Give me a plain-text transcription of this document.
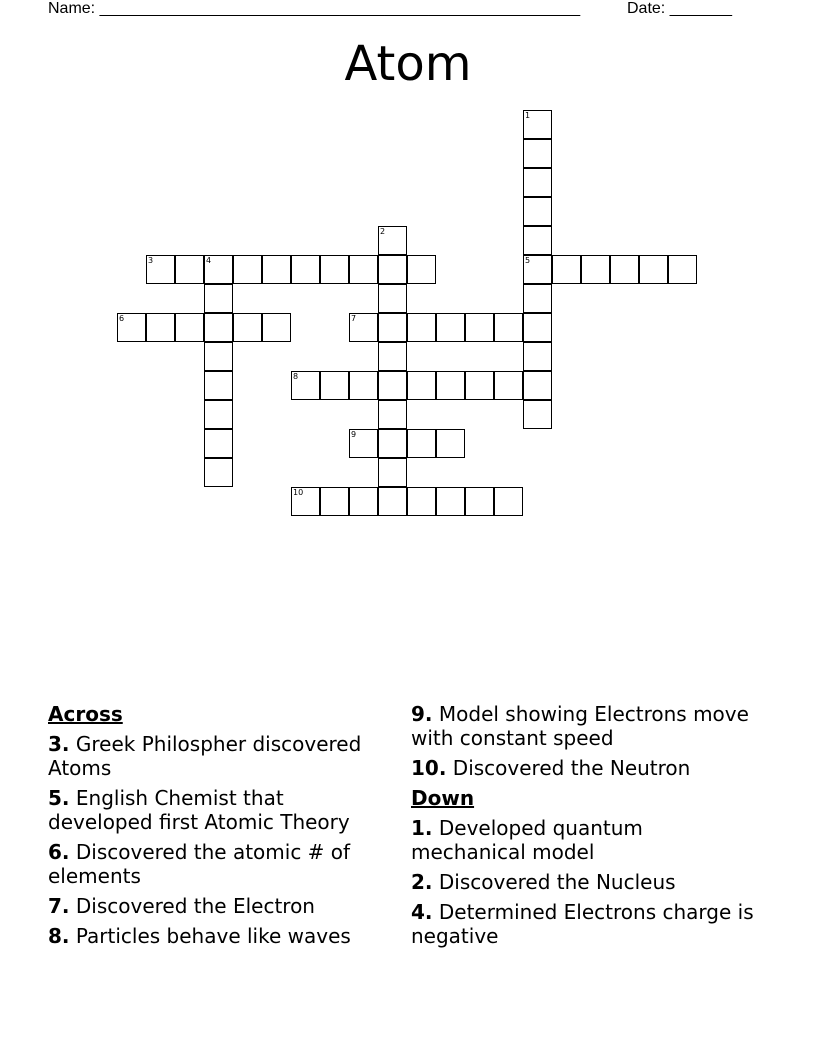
Name: ______________________________________________________	Date: _______
Atom
1
2
3	4	5
6	7
8
9
10
Across
3. Greek Philospher discovered Atoms
5. English Chemist that developed first Atomic Theory
6. Discovered the atomic # of elements
7. Discovered the Electron
8. Particles behave like waves
9. Model showing Electrons move with constant speed
10. Discovered the Neutron
Down
1. Developed quantum mechanical model
2. Discovered the Nucleus
4. Determined Electrons charge is negative
